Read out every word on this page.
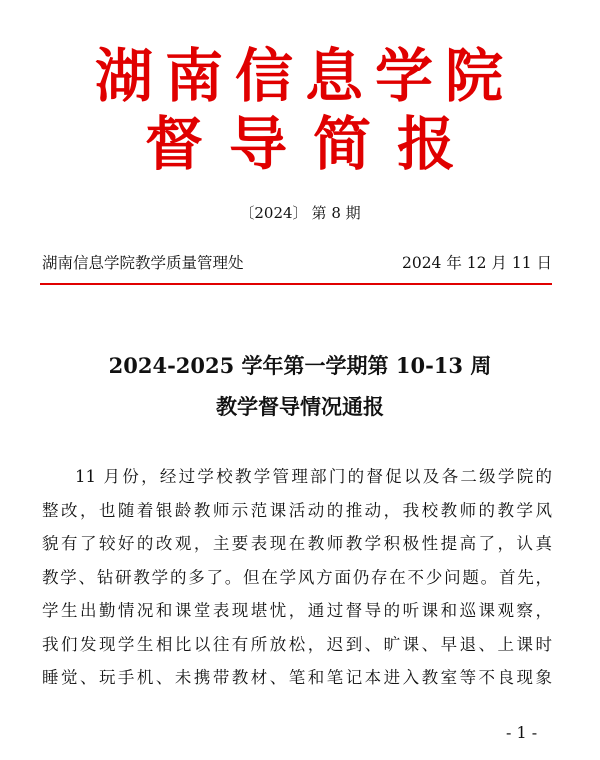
湖南信息学院
督导简报
〔2024〕 第 8 期
湖南信息学院教学质量管理处	2024 年 12 月 11 日
2024-2025 学年第一学期第 10-13 周
教学督导情况通报
11 月份，经过学校教学管理部门的督促以及各二级学院的
整改，也随着银龄教师示范课活动的推动，我校教师的教学风
貌有了较好的改观，主要表现在教师教学积极性提高了，认真
教学、钻研教学的多了。但在学风方面仍存在不少问题。首先，
学生出勤情况和课堂表现堪忧，通过督导的听课和巡课观察，
我们发现学生相比以往有所放松，迟到、旷课、早退、上课时
睡觉、玩手机、未携带教材、笔和笔记本进入教室等不良现象
- 1 -
